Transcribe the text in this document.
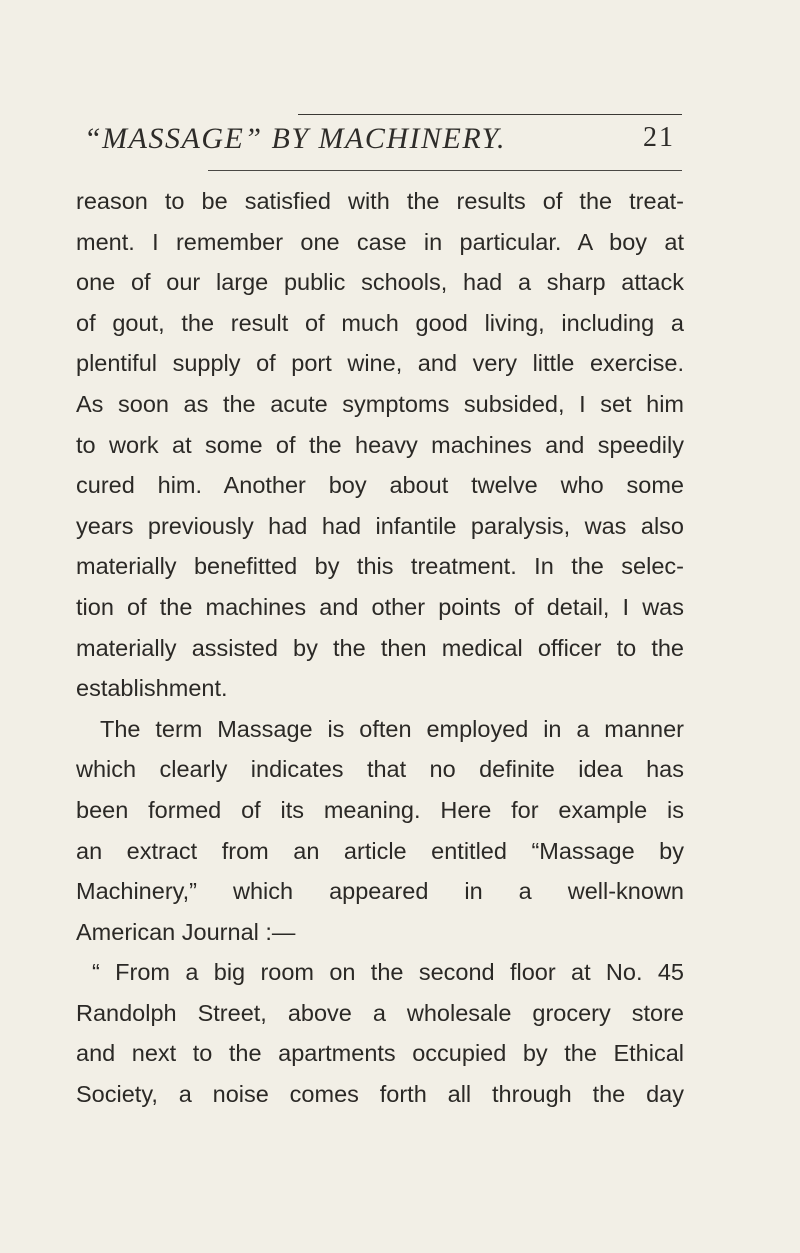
“MASSAGE” BY MACHINERY.	21
reason to be satisfied with the results of the treat-
ment. I remember one case in particular. A boy at
one of our large public schools, had a sharp attack
of gout, the result of much good living, including a
plentiful supply of port wine, and very little exercise.
As soon as the acute symptoms subsided, I set him
to work at some of the heavy machines and speedily
cured him. Another boy about twelve who some
years previously had had infantile paralysis, was also
materially benefitted by this treatment. In the selec-
tion of the machines and other points of detail, I was
materially assisted by the then medical officer to the
establishment.
The term Massage is often employed in a manner
which clearly indicates that no definite idea has
been formed of its meaning. Here for example is
an extract from an article entitled “Massage by
Machinery,” which appeared in a well-known
American Journal :—
“ From a big room on the second floor at No. 45
Randolph Street, above a wholesale grocery store
and next to the apartments occupied by the Ethical
Society, a noise comes forth all through the day
